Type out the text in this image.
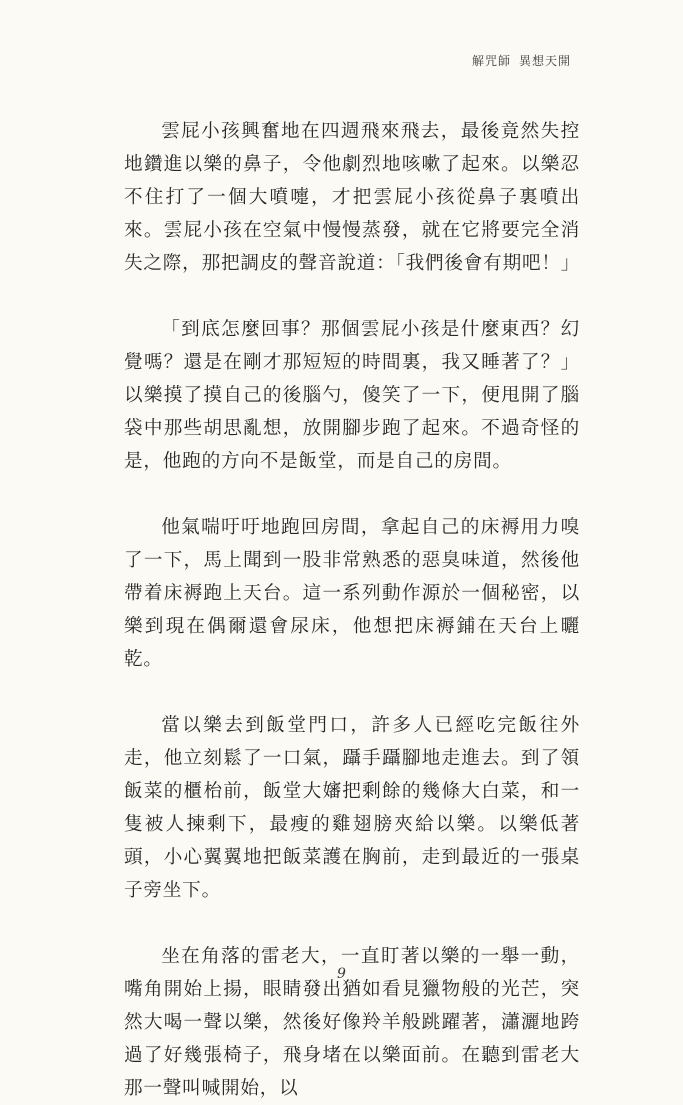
解咒師 異想天開

雲屁小孩興奮地在四週飛來飛去，最後竟然失控地鑽進以樂的鼻子，令他劇烈地咳嗽了起來。以樂忍不住打了一個大噴嚏，才把雲屁小孩從鼻子裏噴出來。雲屁小孩在空氣中慢慢蒸發，就在它將要完全消失之際，那把調皮的聲音說道：「我們後會有期吧！」

「到底怎麼回事？那個雲屁小孩是什麼東西？幻覺嗎？還是在剛才那短短的時間裏，我又睡著了？」以樂摸了摸自己的後腦勺，傻笑了一下，便甩開了腦袋中那些胡思亂想，放開腳步跑了起來。不過奇怪的是，他跑的方向不是飯堂，而是自己的房間。

他氣喘吁吁地跑回房間，拿起自己的床褥用力嗅了一下，馬上聞到一股非常熟悉的惡臭味道，然後他帶着床褥跑上天台。這一系列動作源於一個秘密，以樂到現在偶爾還會尿床，他想把床褥鋪在天台上曬乾。

當以樂去到飯堂門口，許多人已經吃完飯往外走，他立刻鬆了一口氣，躡手躡腳地走進去。到了領飯菜的櫃枱前，飯堂大嬸把剩餘的幾條大白菜，和一隻被人揀剩下，最瘦的雞翅膀夾給以樂。以樂低著頭，小心翼翼地把飯菜護在胸前，走到最近的一張桌子旁坐下。

坐在角落的雷老大，一直盯著以樂的一舉一動，嘴角開始上揚，眼睛發出猶如看見獵物般的光芒，突然大喝一聲以樂，然後好像羚羊般跳躍著，瀟灑地跨過了好幾張椅子，飛身堵在以樂面前。在聽到雷老大那一聲叫喊開始，以

9
